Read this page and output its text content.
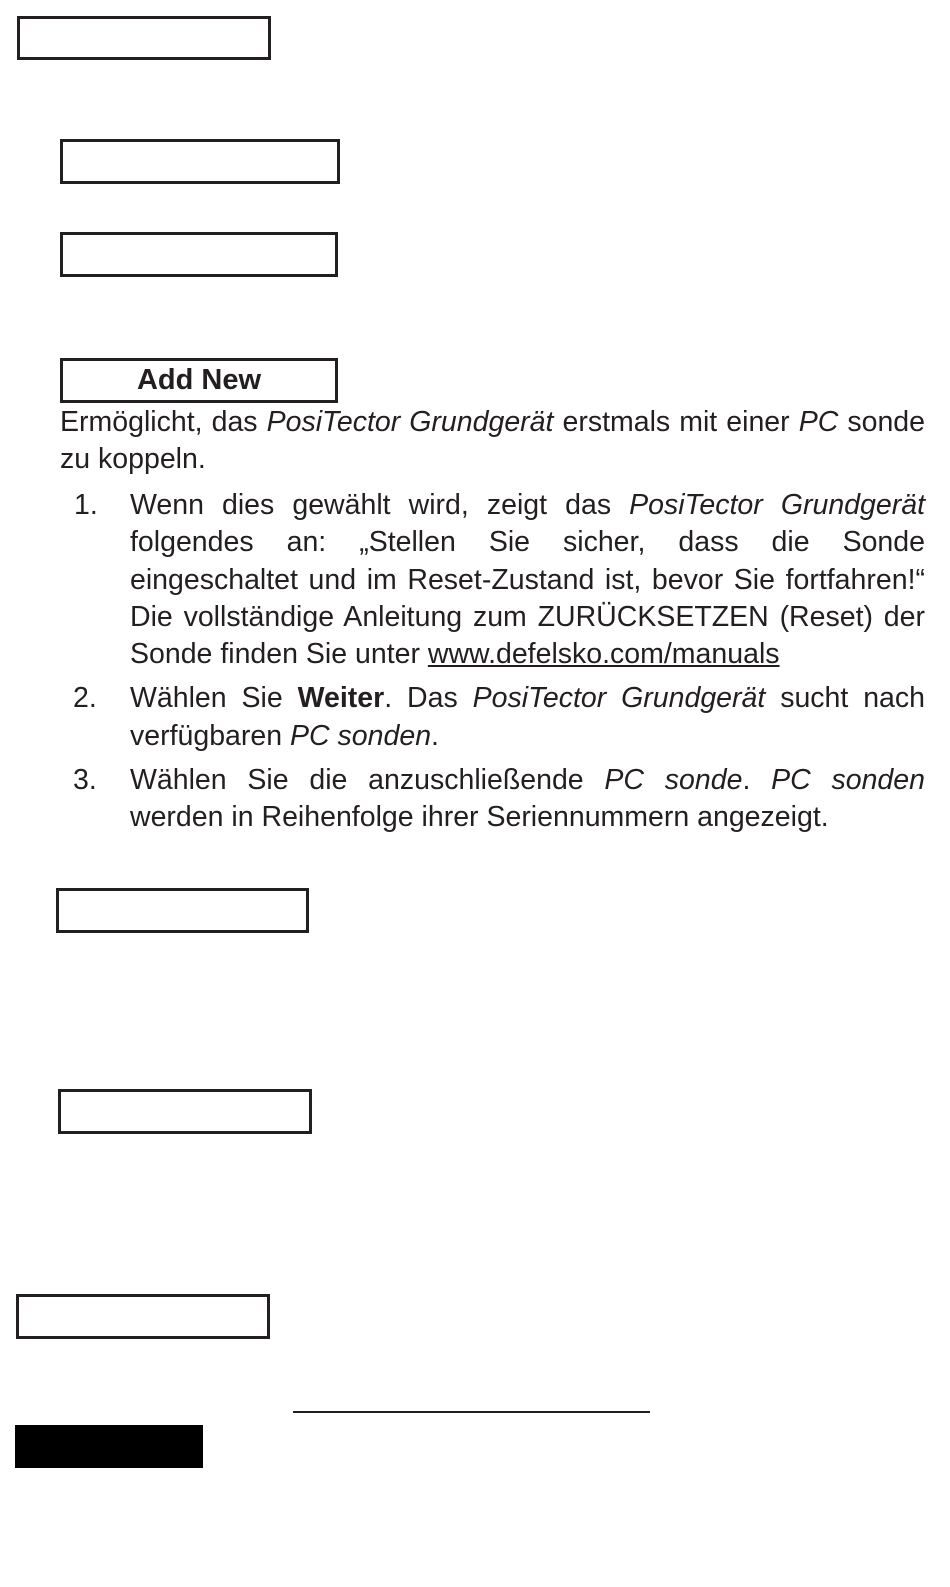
Add New
Ermöglicht, das PosiTector Grundgerät erstmals mit einer PC sonde zu koppeln.
1. Wenn dies gewählt wird, zeigt das PosiTector Grundgerät folgendes an: „Stellen Sie sicher, dass die Sonde eingeschaltet und im Reset-Zustand ist, bevor Sie fortfahren!“ Die vollständige Anleitung zum ZURÜCKSETZEN (Reset) der Sonde finden Sie unter www.defelsko.com/manuals
2. Wählen Sie Weiter. Das PosiTector Grundgerät sucht nach verfügbaren PC sonden.
3. Wählen Sie die anzuschließende PC sonde. PC sonden werden in Reihenfolge ihrer Seriennummern angezeigt.
